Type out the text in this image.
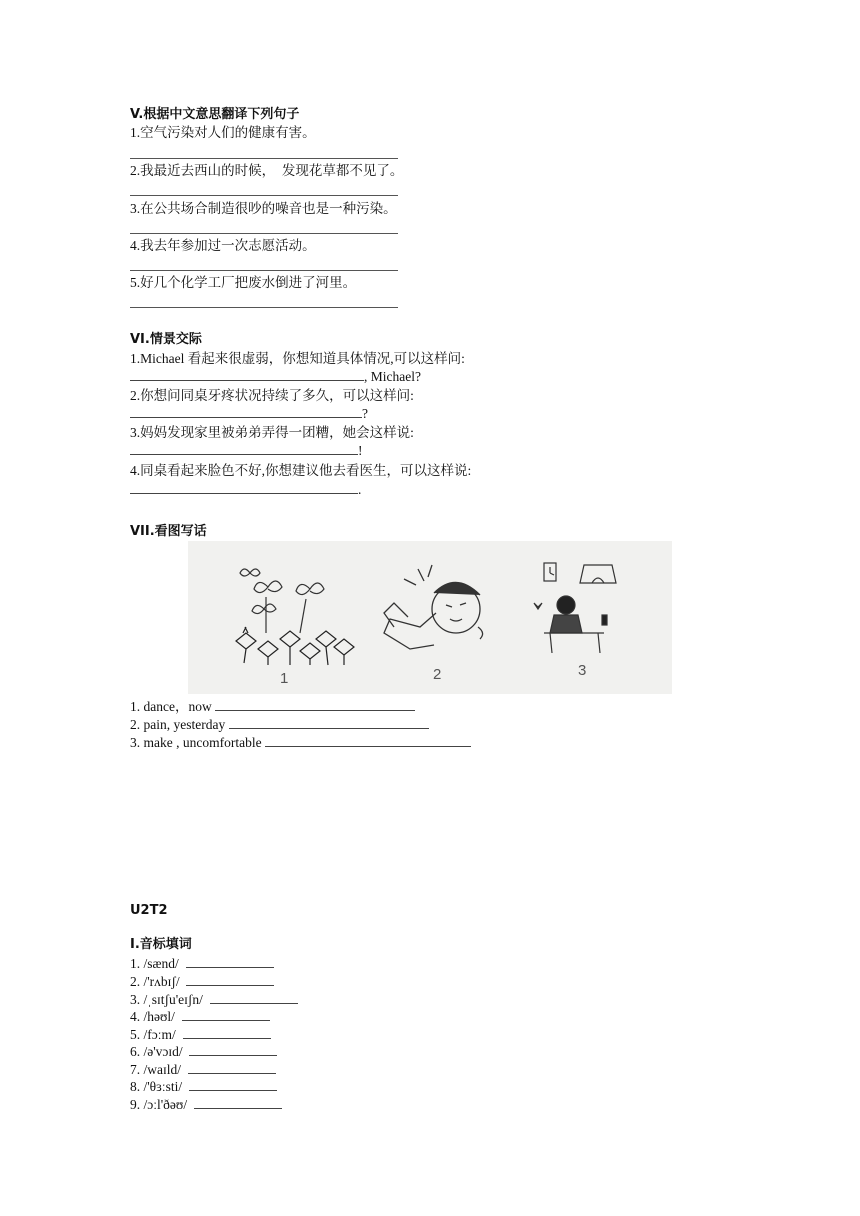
V.根据中文意思翻译下列句子
1.空气污染对人们的健康有害。
2.我最近去西山的时候，  发现花草都不见了。
3.在公共场合制造很吵的噪音也是一种污染。
4.我去年参加过一次志愿活动。
5.好几个化学工厂把废水倒进了河里。
VI.情景交际
1.Michael 看起来很虚弱，你想知道具体情况,可以这样问:
, Michael?
2.你想问同桌牙疼状况持续了多久，可以这样问:
?
3.妈妈发现家里被弟弟弄得一团糟，她会这样说:
!
4.同桌看起来脸色不好,你想建议他去看医生，可以这样说:
.
VII.看图写话
1	2	3
1. dance，now
2. pain, yesterday
3. make , uncomfortable
U2T2
I.音标填词
1. /sænd/
2. /'rʌbɪʃ/
3. /ˌsɪtʃu'eɪʃn/
4. /həʊl/
5. /fɔːm/
6. /ə'vɔɪd/
7. /waɪld/
8. /'θɜːsti/
9. /ɔːl'ðəʊ/
